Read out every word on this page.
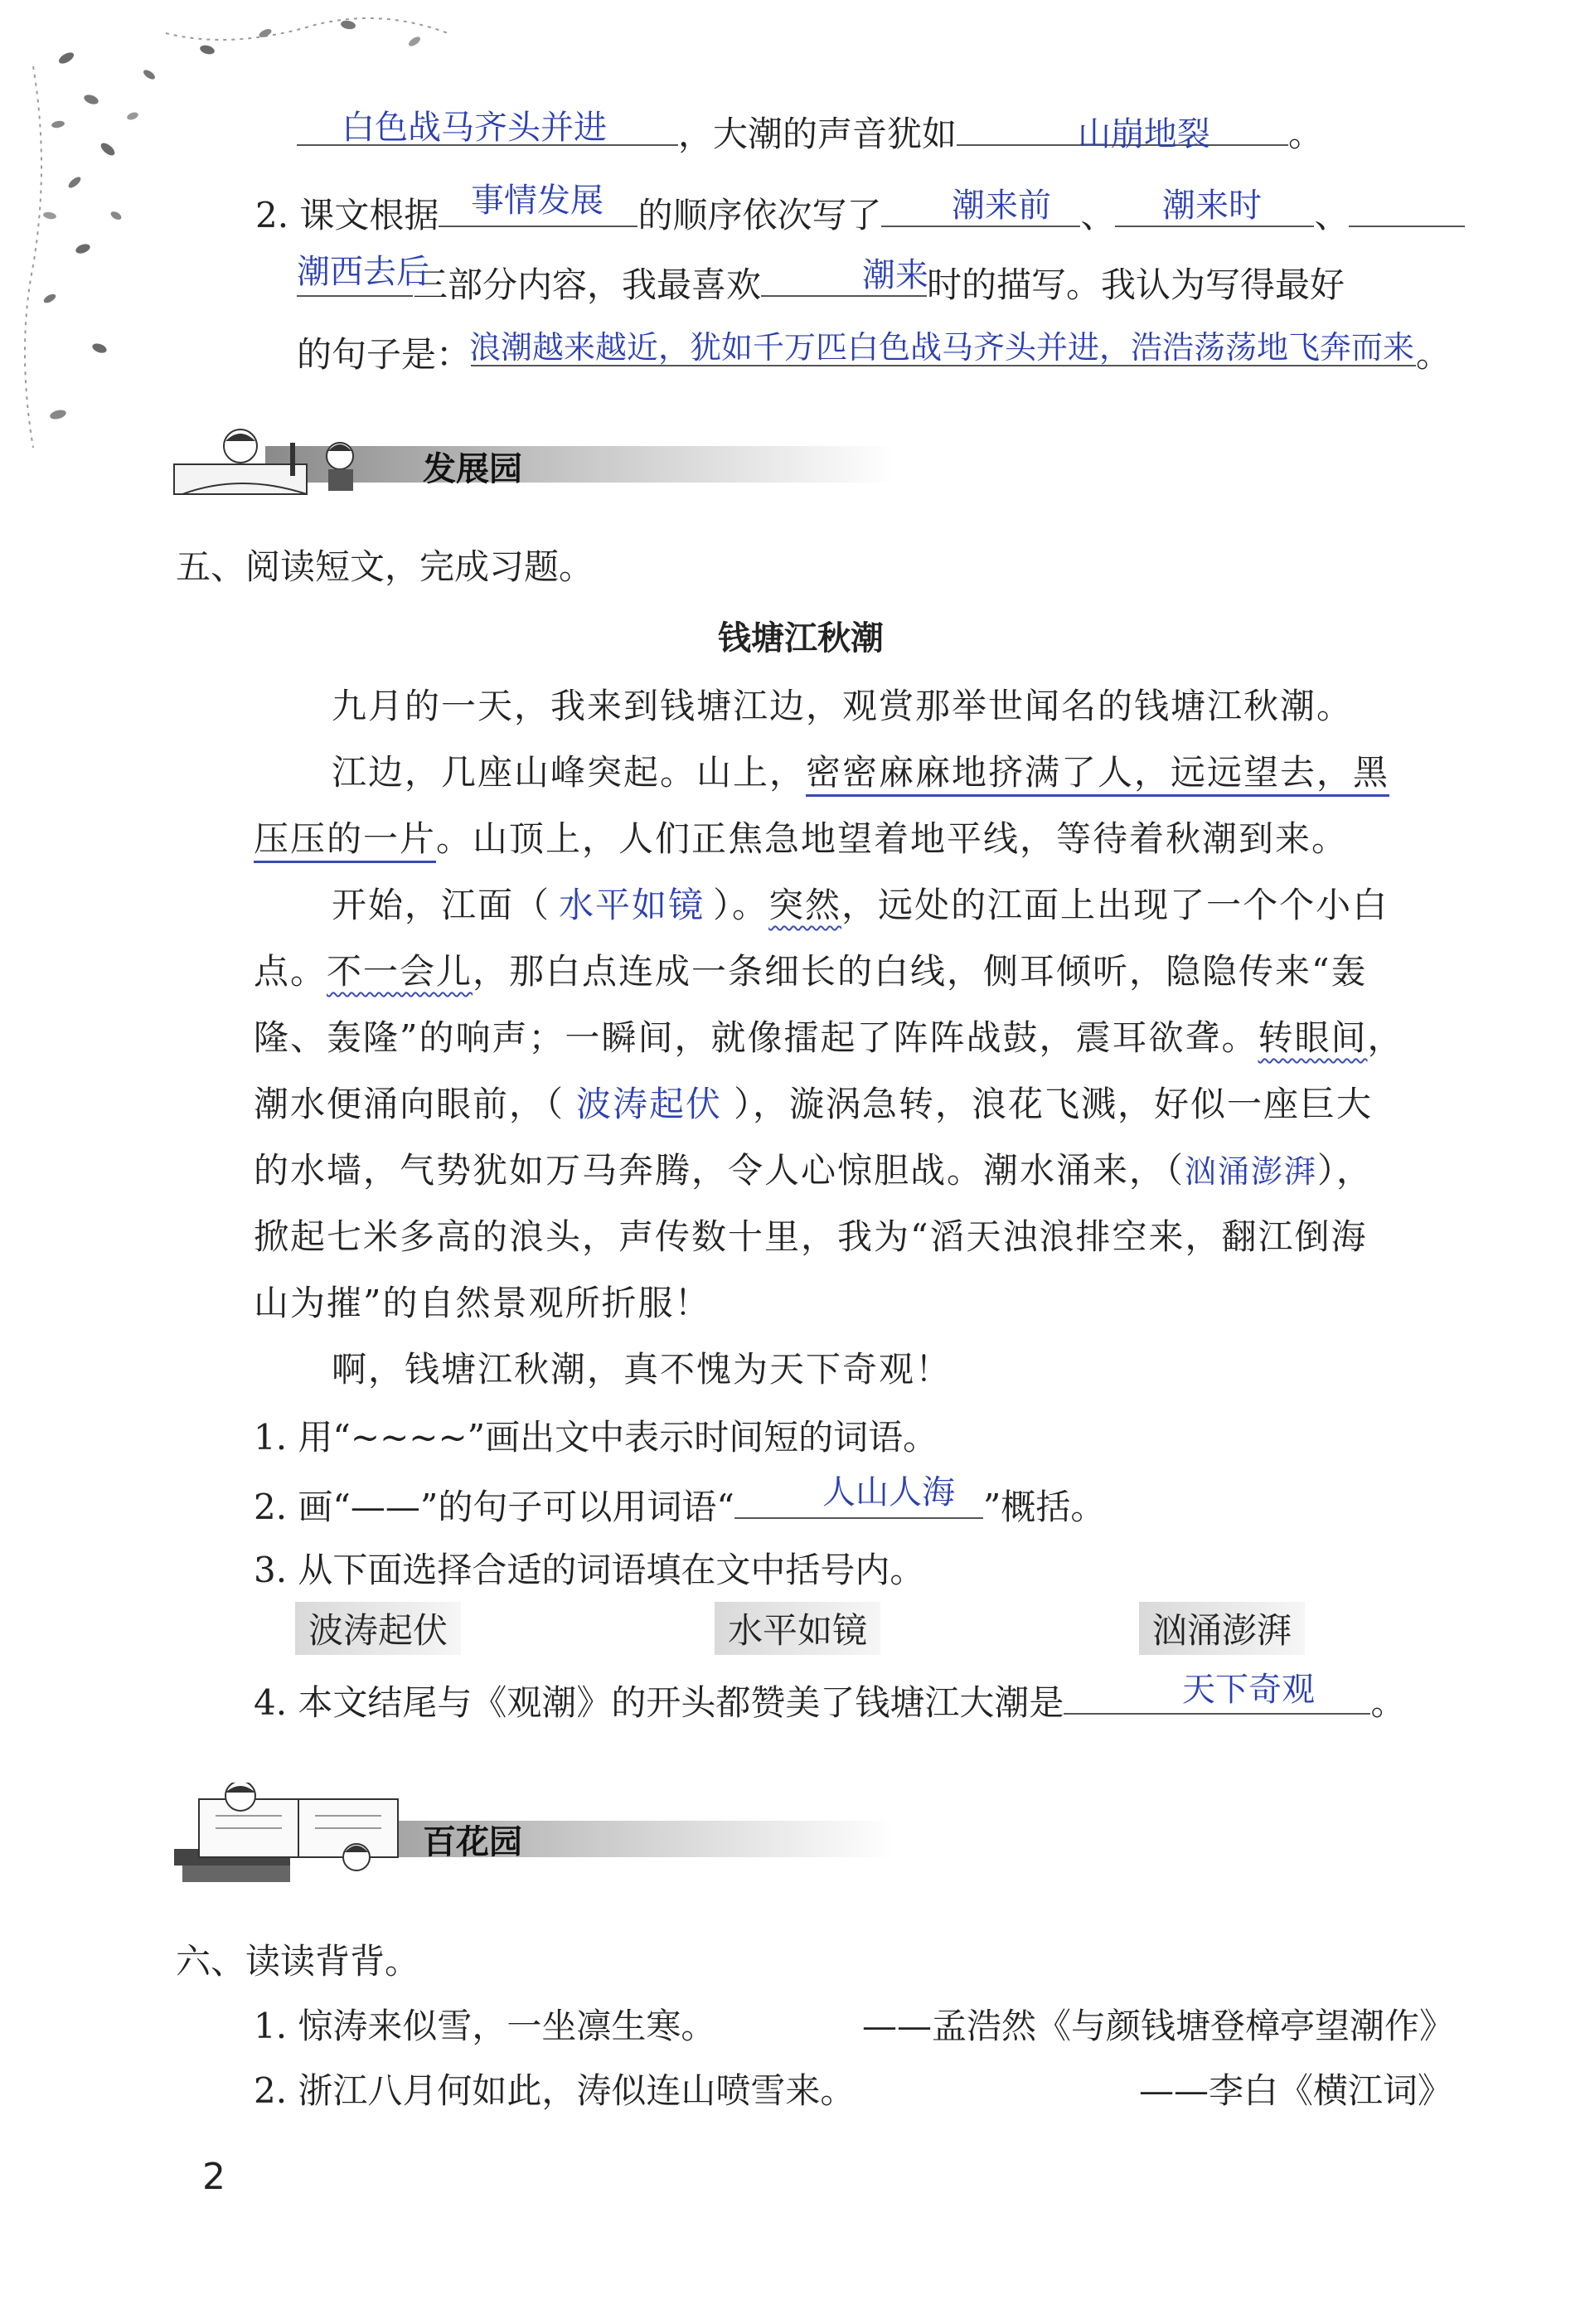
，大潮的声音犹如	。
白色战马齐头并进	山崩地裂
2. 课文根据	的顺序依次写了	、	、
事情发展	潮来前	潮来时
三部分内容，我最喜欢	时的描写。我认为写得最好
潮西去后	潮来
的句子是：	。
浪潮越来越近，犹如千万匹白色战马齐头并进，浩浩荡荡地飞奔而来
发展园
五、阅读短文，完成习题。
钱塘江秋潮
九月的一天，我来到钱塘江边，观赏那举世闻名的钱塘江秋潮。
江边，几座山峰突起。山上，密密麻麻地挤满了人，远远望去，黑
压压的一片。山顶上，人们正焦急地望着地平线，等待着秋潮到来。
开始，江面（ 水平如镜 ）。突然，远处的江面上出现了一个个小白
点。不一会儿，那白点连成一条细长的白线，侧耳倾听，隐隐传来“轰
隆、轰隆”的响声；一瞬间，就像擂起了阵阵战鼓，震耳欲聋。转眼间，
潮水便涌向眼前，（ 波涛起伏 ），漩涡急转，浪花飞溅，好似一座巨大
的水墙，气势犹如万马奔腾，令人心惊胆战。潮水涌来，（汹涌澎湃），
掀起七米多高的浪头，声传数十里，我为“滔天浊浪排空来，翻江倒海
山为摧”的自然景观所折服！
啊，钱塘江秋潮，真不愧为天下奇观！
1. 用“~~~~”画出文中表示时间短的词语。
2. 画“——”的句子可以用词语“	”概括。
人山人海
3. 从下面选择合适的词语填在文中括号内。
波涛起伏	水平如镜	汹涌澎湃
4. 本文结尾与《观潮》的开头都赞美了钱塘江大潮是	。
天下奇观
百花园
六、读读背背。
1. 惊涛来似雪，一坐凛生寒。	——孟浩然《与颜钱塘登樟亭望潮作》
2. 浙江八月何如此，涛似连山喷雪来。	——李白《横江词》
2
